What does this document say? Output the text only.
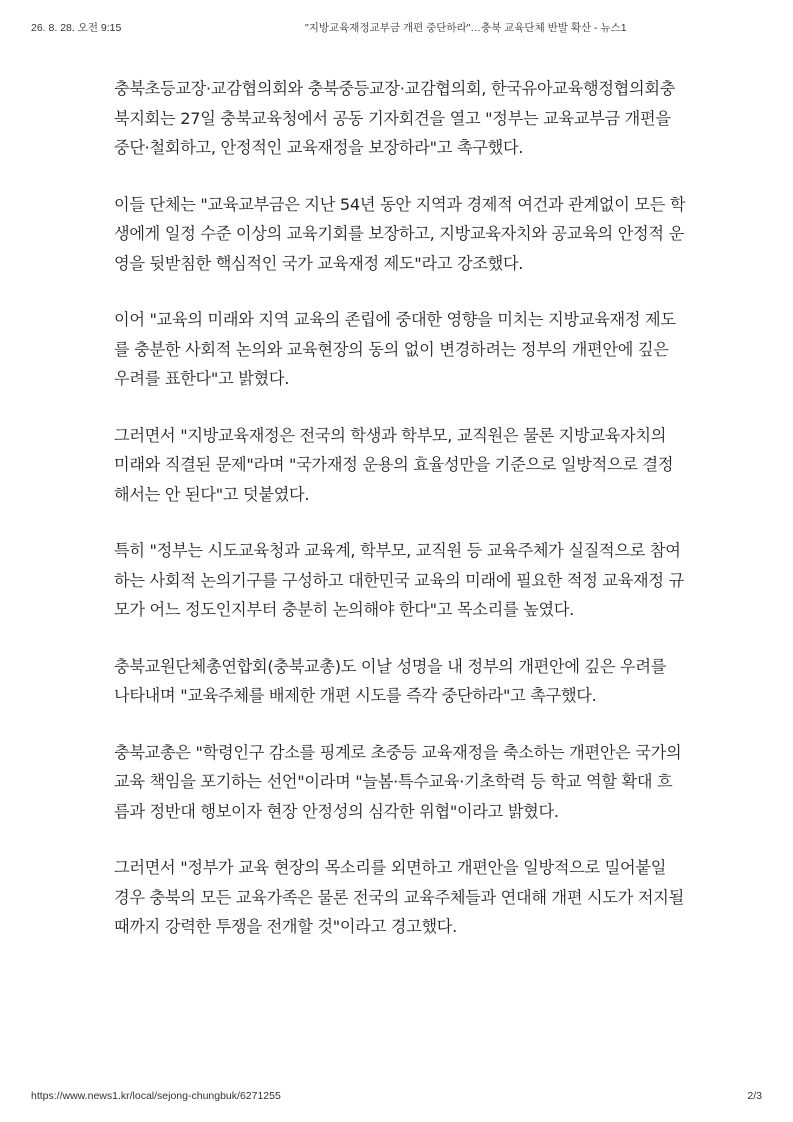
26. 8. 28. 오전 9:15	"지방교육재정교부금 개편 중단하라"…충북 교육단체 반발 확산 - 뉴스1

충북초등교장·교감협의회와 충북중등교장·교감협의회, 한국유아교육행정협의회충북지회는 27일 충북교육청에서 공동 기자회견을 열고 "정부는 교육교부금 개편을 중단·철회하고, 안정적인 교육재정을 보장하라"고 촉구했다.

이들 단체는 "교육교부금은 지난 54년 동안 지역과 경제적 여건과 관계없이 모든 학생에게 일정 수준 이상의 교육기회를 보장하고, 지방교육자치와 공교육의 안정적 운영을 뒷받침한 핵심적인 국가 교육재정 제도"라고 강조했다.

이어 "교육의 미래와 지역 교육의 존립에 중대한 영향을 미치는 지방교육재정 제도를 충분한 사회적 논의와 교육현장의 동의 없이 변경하려는 정부의 개편안에 깊은 우려를 표한다"고 밝혔다.

그러면서 "지방교육재정은 전국의 학생과 학부모, 교직원은 물론 지방교육자치의 미래와 직결된 문제"라며 "국가재정 운용의 효율성만을 기준으로 일방적으로 결정해서는 안 된다"고 덧붙였다.

특히 "정부는 시도교육청과 교육계, 학부모, 교직원 등 교육주체가 실질적으로 참여하는 사회적 논의기구를 구성하고 대한민국 교육의 미래에 필요한 적정 교육재정 규모가 어느 정도인지부터 충분히 논의해야 한다"고 목소리를 높였다.

충북교원단체총연합회(충북교총)도 이날 성명을 내 정부의 개편안에 깊은 우려를 나타내며 "교육주체를 배제한 개편 시도를 즉각 중단하라"고 촉구했다.

충북교총은 "학령인구 감소를 핑계로 초중등 교육재정을 축소하는 개편안은 국가의 교육 책임을 포기하는 선언"이라며 "늘봄·특수교육·기초학력 등 학교 역할 확대 흐름과 정반대 행보이자 현장 안정성의 심각한 위협"이라고 밝혔다.

그러면서 "정부가 교육 현장의 목소리를 외면하고 개편안을 일방적으로 밀어붙일 경우 충북의 모든 교육가족은 물론 전국의 교육주체들과 연대해 개편 시도가 저지될 때까지 강력한 투쟁을 전개할 것"이라고 경고했다.

https://www.news1.kr/local/sejong-chungbuk/6271255	2/3
